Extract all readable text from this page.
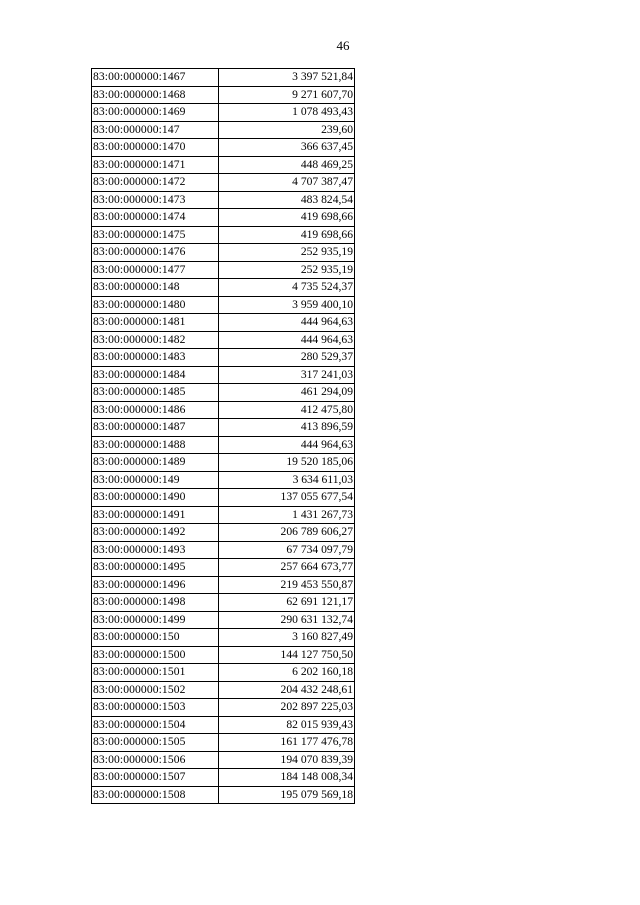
46
83:00:000000:1467	3 397 521,84
83:00:000000:1468	9 271 607,70
83:00:000000:1469	1 078 493,43
83:00:000000:147	239,60
83:00:000000:1470	366 637,45
83:00:000000:1471	448 469,25
83:00:000000:1472	4 707 387,47
83:00:000000:1473	483 824,54
83:00:000000:1474	419 698,66
83:00:000000:1475	419 698,66
83:00:000000:1476	252 935,19
83:00:000000:1477	252 935,19
83:00:000000:148	4 735 524,37
83:00:000000:1480	3 959 400,10
83:00:000000:1481	444 964,63
83:00:000000:1482	444 964,63
83:00:000000:1483	280 529,37
83:00:000000:1484	317 241,03
83:00:000000:1485	461 294,09
83:00:000000:1486	412 475,80
83:00:000000:1487	413 896,59
83:00:000000:1488	444 964,63
83:00:000000:1489	19 520 185,06
83:00:000000:149	3 634 611,03
83:00:000000:1490	137 055 677,54
83:00:000000:1491	1 431 267,73
83:00:000000:1492	206 789 606,27
83:00:000000:1493	67 734 097,79
83:00:000000:1495	257 664 673,77
83:00:000000:1496	219 453 550,87
83:00:000000:1498	62 691 121,17
83:00:000000:1499	290 631 132,74
83:00:000000:150	3 160 827,49
83:00:000000:1500	144 127 750,50
83:00:000000:1501	6 202 160,18
83:00:000000:1502	204 432 248,61
83:00:000000:1503	202 897 225,03
83:00:000000:1504	82 015 939,43
83:00:000000:1505	161 177 476,78
83:00:000000:1506	194 070 839,39
83:00:000000:1507	184 148 008,34
83:00:000000:1508	195 079 569,18
